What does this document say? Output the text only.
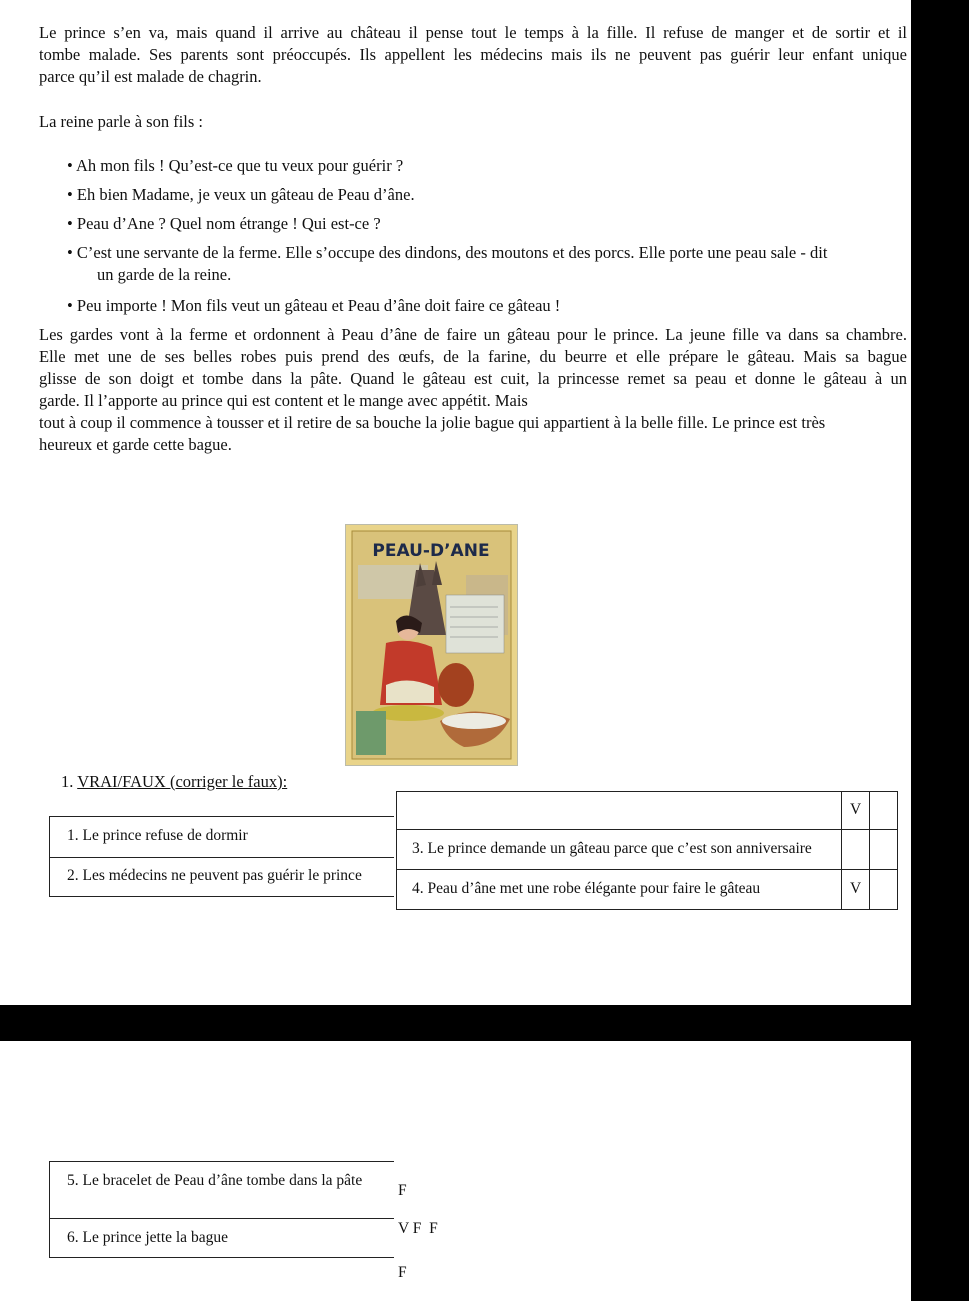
Le prince s’en va, mais quand il arrive au château il pense tout le temps à la fille. Il refuse de manger et de sortir et il
tombe malade. Ses parents sont préoccupés. Ils appellent les médecins mais ils ne peuvent pas guérir leur enfant unique
parce qu’il est malade de chagrin.
La reine parle à son fils :
• Ah mon fils ! Qu’est-ce que tu veux pour guérir ?
• Eh bien Madame, je veux un gâteau de Peau d’âne.
• Peau d’Ane ? Quel nom étrange ! Qui est-ce ?
• C’est une servante de la ferme. Elle s’occupe des dindons, des moutons et des porcs. Elle porte une peau sale - dit
un garde de la reine.
• Peu importe ! Mon fils veut un gâteau et Peau d’âne doit faire ce gâteau !
Les gardes vont à la ferme et ordonnent à Peau d’âne de faire un gâteau pour le prince. La jeune fille va dans sa chambre.
Elle met une de ses belles robes puis prend des œufs, de la farine, du beurre et elle prépare le gâteau. Mais sa bague
glisse de son doigt et tombe dans la pâte. Quand le gâteau est cuit, la princesse remet sa peau et donne le gâteau à un
garde. Il l’apporte au prince qui est content et le mange avec appétit. Mais
tout à coup il commence à tousser et il retire de sa bouche la jolie bague qui appartient à la belle fille. Le prince est très
heureux et garde cette bague.
PEAU-D’ANE
1. VRAI/FAUX (corriger le faux):
V
1. Le prince refuse de dormir
2. Les médecins ne peuvent pas guérir le prince
3. Le prince demande un gâteau parce que c’est son anniversaire
4. Peau d’âne met une robe élégante pour faire le gâteau	V
5. Le bracelet de Peau d’âne tombe dans la pâte
F
6. Le prince jette la bague
V F  F
F
